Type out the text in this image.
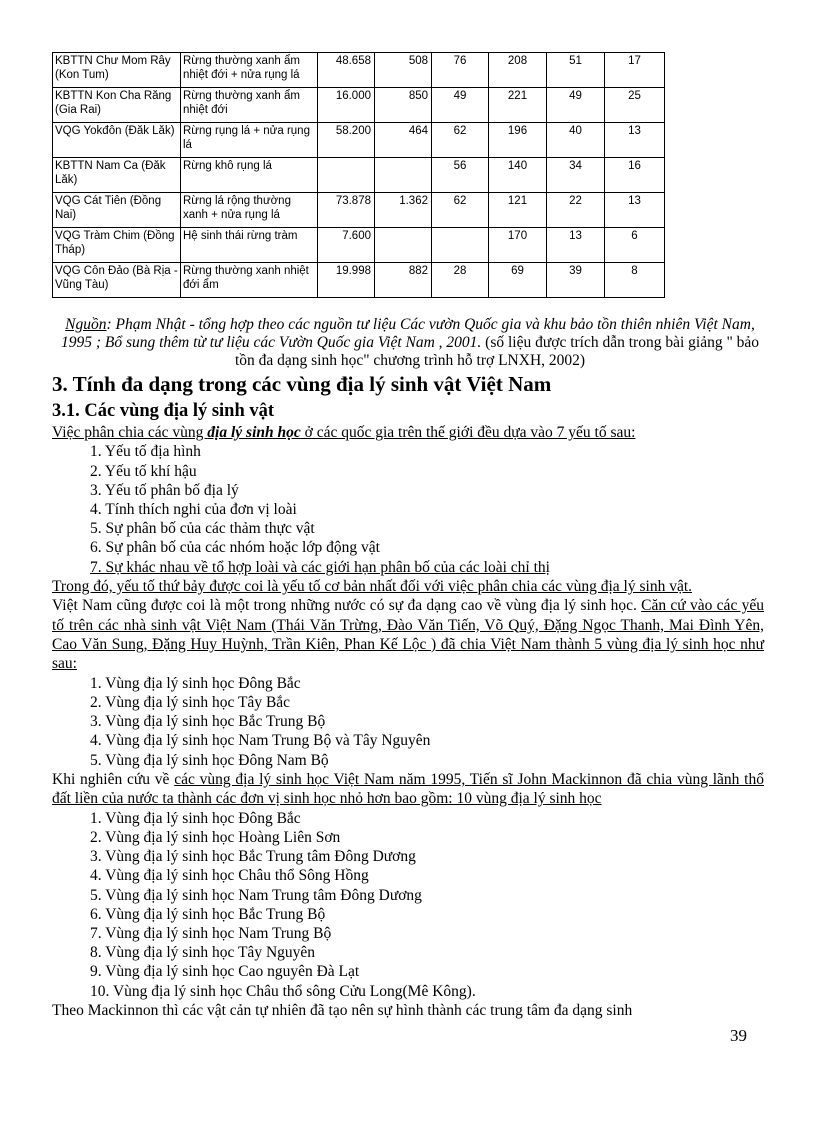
KBTTN Chư Mom Rây (Kon Tum)	Rừng thường xanh ẩm nhiệt đới + nửa rụng lá	48.658	508	76	208	51	17
KBTTN Kon Cha Răng (Gia Rai)	Rừng thường xanh ẩm nhiệt đới	16.000	850	49	221	49	25
VQG Yokđôn (Đăk Lăk)	Rừng rụng lá + nửa rụng lá	58.200	464	62	196	40	13
KBTTN Nam Ca (Đăk Lăk)	Rừng khô rụng lá			56	140	34	16
VQG Cát Tiên (Đồng Nai)	Rừng lá rộng thường xanh + nửa rụng lá	73.878	1.362	62	121	22	13
VQG Tràm Chim (Đồng Tháp)	Hệ sinh thái rừng tràm	7.600			170	13	6
VQG Côn Đảo (Bà Rịa - Vũng Tàu)	Rừng thường xanh nhiệt đới ẩm	19.998	882	28	69	39	8
Nguồn: Phạm Nhật - tổng hợp theo các nguồn tư liệu Các vườn Quốc gia và khu bảo tồn thiên nhiên Việt Nam, 1995 ; Bổ sung thêm từ tư liệu các Vườn Quốc gia Việt Nam , 2001. (số liệu được trích dẫn trong bài giảng " bảo tồn đa dạng sinh học" chương trình hỗ trợ LNXH, 2002)
3. Tính đa dạng trong các vùng địa lý sinh vật Việt Nam
3.1. Các vùng địa lý sinh vật
Việc phân chia các vùng địa lý sinh học ở các quốc gia trên thế giới đều dựa vào 7 yếu tố sau:
1. Yếu tố địa hình
2. Yếu tố khí hậu
3. Yếu tố phân bố địa lý
4. Tính thích nghi của đơn vị loài
5. Sự phân bố của các thảm thực vật
6. Sự phân bố của các nhóm hoặc lớp động vật
7. Sự khác nhau về tổ hợp loài và các giới hạn phân bố của các loài chỉ thị
Trong đó, yếu tố thứ bảy được coi là yếu tố cơ bản nhất đối với việc phân chia các vùng địa lý sinh vật.
Việt Nam cũng được coi là một trong những nước có sự đa dạng cao về vùng địa lý sinh học. Căn cứ vào các yếu tố trên các nhà sinh vật Việt Nam (Thái Văn Trừng, Đào Văn Tiến, Võ Quý, Đặng Ngọc Thanh, Mai Đình Yên, Cao Văn Sung, Đặng Huy Huỳnh, Trần Kiên, Phan Kế Lộc ) đã chia Việt Nam thành 5 vùng địa lý sinh học như sau:
1. Vùng địa lý sinh học Đông Bắc
2. Vùng địa lý sinh học Tây Bắc
3. Vùng địa lý sinh học Bắc Trung Bộ
4. Vùng địa lý sinh học Nam Trung Bộ và Tây Nguyên
5. Vùng địa lý sinh học Đông Nam Bộ
Khi nghiên cứu về các vùng địa lý sinh học Việt Nam năm 1995, Tiến sĩ John Mackinnon đã chia vùng lãnh thổ đất liền của nước ta thành các đơn vị sinh học nhỏ hơn bao gồm: 10 vùng địa lý sinh học
1. Vùng địa lý sinh học Đông Bắc
2. Vùng địa lý sinh học Hoàng Liên Sơn
3. Vùng địa lý sinh học Bắc Trung tâm Đông Dương
4. Vùng địa lý sinh học Châu thổ Sông Hồng
5. Vùng địa lý sinh học Nam Trung tâm Đông Dương
6. Vùng địa lý sinh học Bắc Trung Bộ
7. Vùng địa lý sinh học Nam Trung Bộ
8. Vùng địa lý sinh học Tây Nguyên
9. Vùng địa lý sinh học Cao nguyên Đà Lạt
10. Vùng địa lý sinh học Châu thổ sông Cửu Long(Mê Kông).
Theo Mackinnon thì các vật cản tự nhiên đã tạo nên sự hình thành các trung tâm đa dạng sinh
39
